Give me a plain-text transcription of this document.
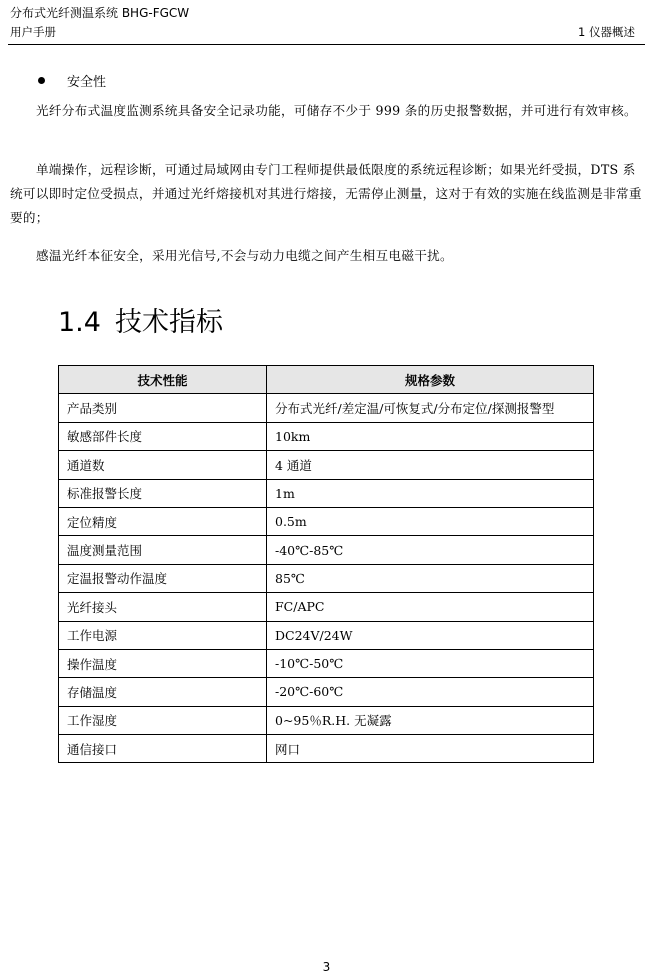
分布式光纤测温系统 BHG-FGCW
用户手册	1 仪器概述
安全性

光纤分布式温度监测系统具备安全记录功能，可储存不少于 999 条的历史报警数据，并可进行有效审核。

单端操作，远程诊断，可通过局域网由专门工程师提供最低限度的系统远程诊断；如果光纤受损，DTS 系统可以即时定位受损点，并通过光纤熔接机对其进行熔接，无需停止测量，这对于有效的实施在线监测是非常重要的；

感温光纤本征安全，采用光信号,不会与动力电缆之间产生相互电磁干扰。

1.4 技术指标
技术性能	规格参数
产品类别	分布式光纤/差定温/可恢复式/分布定位/探测报警型
敏感部件长度	10km
通道数	4 通道
标准报警长度	1m
定位精度	0.5m
温度测量范围	-40℃-85℃
定温报警动作温度	85℃
光纤接头	FC/APC
工作电源	DC24V/24W
操作温度	-10℃-50℃
存储温度	-20℃-60℃
工作湿度	0~95％R.H. 无凝露
通信接口	网口
3
